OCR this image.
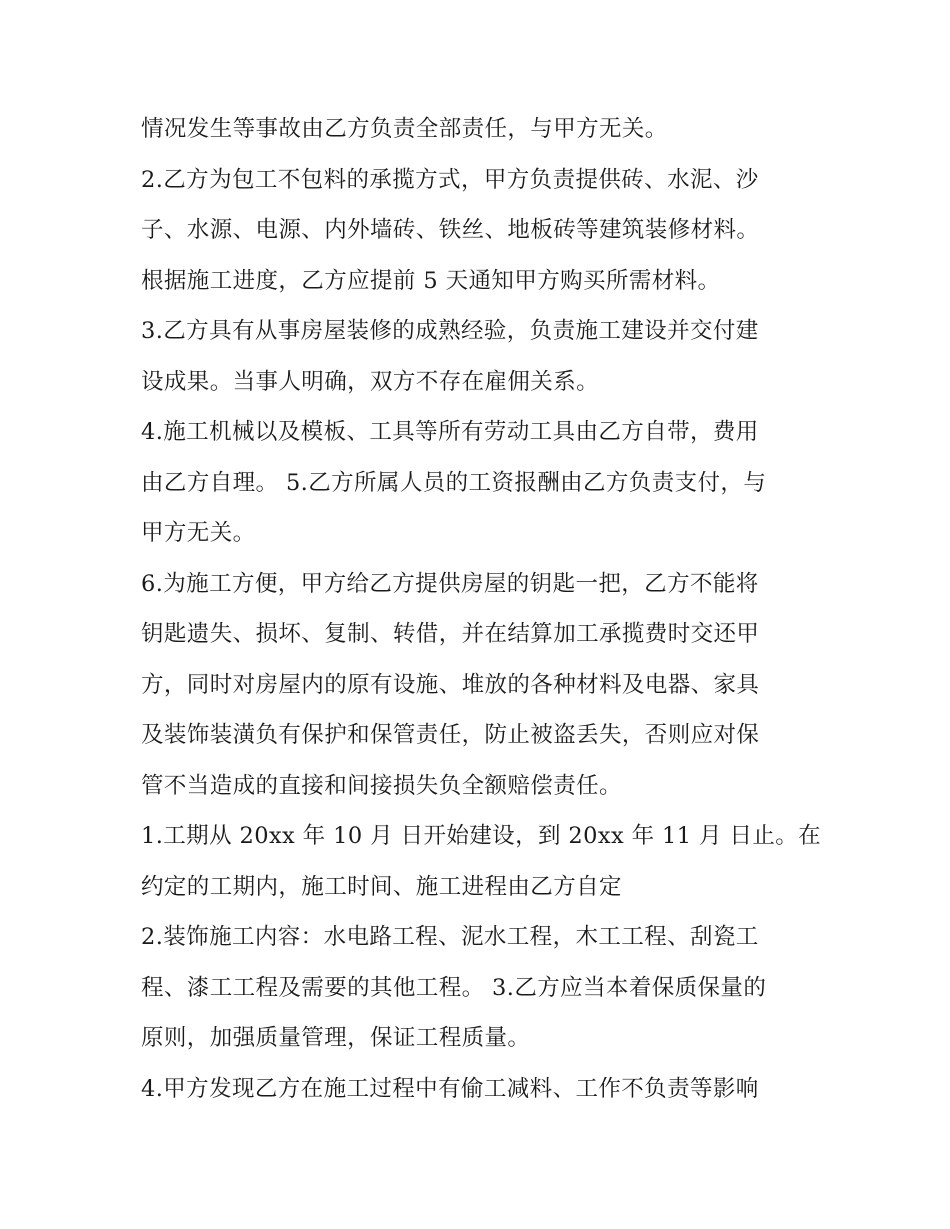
情况发生等事故由乙方负责全部责任，与甲方无关。
2.乙方为包工不包料的承揽方式，甲方负责提供砖、水泥、沙
子、水源、电源、内外墙砖、铁丝、地板砖等建筑装修材料。
根据施工进度，乙方应提前 5 天通知甲方购买所需材料。
3.乙方具有从事房屋装修的成熟经验，负责施工建设并交付建
设成果。当事人明确，双方不存在雇佣关系。
4.施工机械以及模板、工具等所有劳动工具由乙方自带，费用
由乙方自理。 5.乙方所属人员的工资报酬由乙方负责支付，与
甲方无关。
6.为施工方便，甲方给乙方提供房屋的钥匙一把，乙方不能将
钥匙遗失、损坏、复制、转借，并在结算加工承揽费时交还甲
方，同时对房屋内的原有设施、堆放的各种材料及电器、家具
及装饰装潢负有保护和保管责任，防止被盗丢失，否则应对保
管不当造成的直接和间接损失负全额赔偿责任。
1.工期从 20xx 年 10 月 日开始建设，到 20xx 年 11 月 日止。在
约定的工期内，施工时间、施工进程由乙方自定
2.装饰施工内容：水电路工程、泥水工程，木工工程、刮瓷工
程、漆工工程及需要的其他工程。 3.乙方应当本着保质保量的
原则，加强质量管理，保证工程质量。
4.甲方发现乙方在施工过程中有偷工减料、工作不负责等影响
